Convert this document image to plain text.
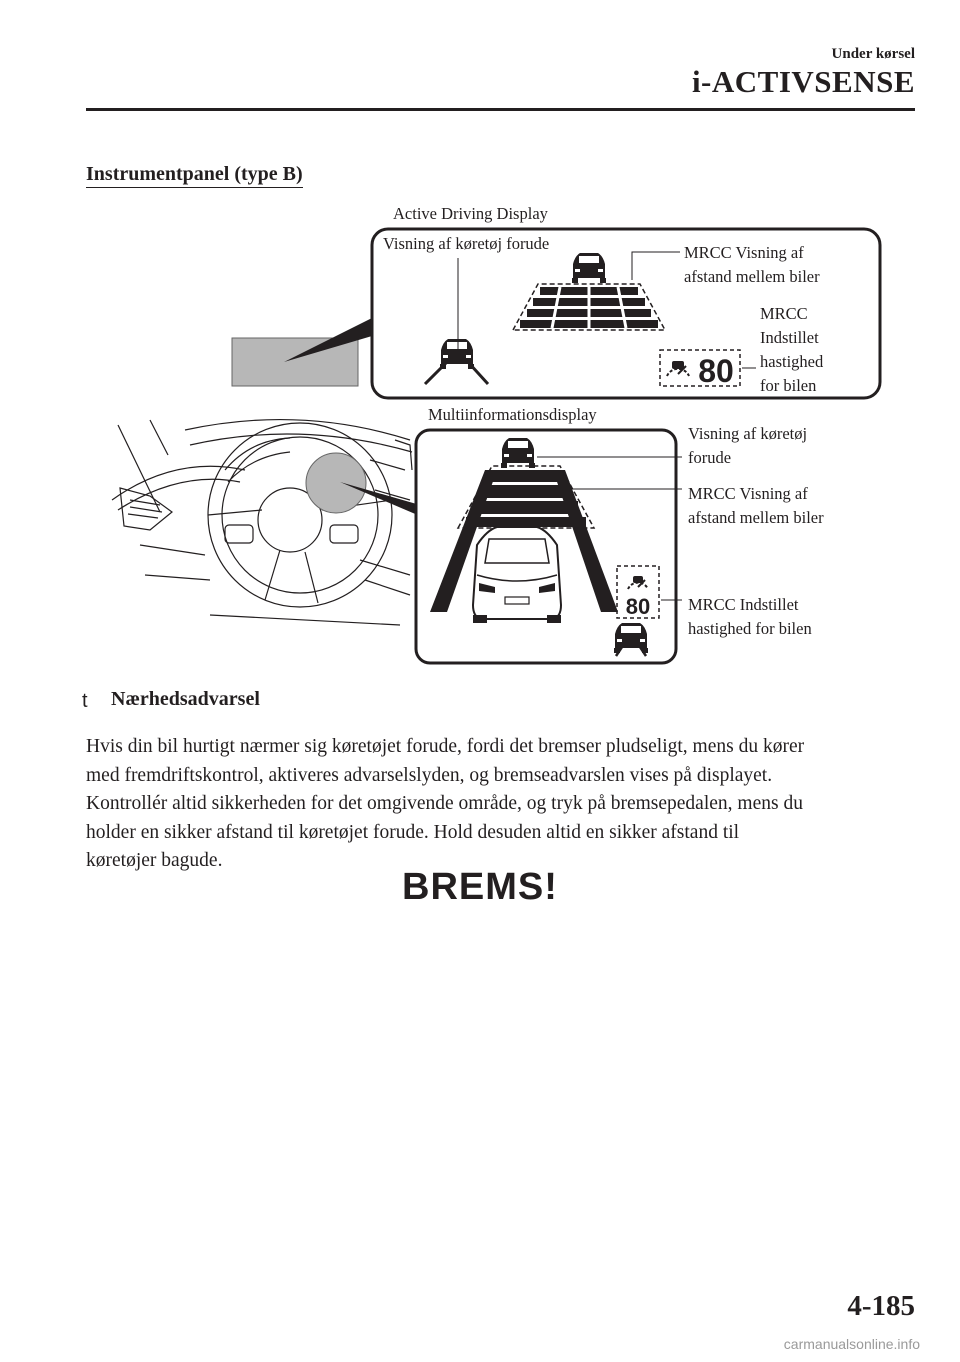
Under kørsel
i-ACTIVSENSE
Instrumentpanel (type B)
80
80
Active Driving Display
Visning af køretøj forude	MRCC Visning af
afstand mellem biler
MRCC
Indstillet
hastighed
for bilen
Multiinformationsdisplay
Visning af køretøj
forude
MRCC Visning af
afstand mellem biler
MRCC Indstillet
hastighed for bilen
t Nærhedsadvarsel

Hvis din bil hurtigt nærmer sig køretøjet forude, fordi det bremser pludseligt, mens du kører

med fremdriftskontrol, aktiveres advarselslyden, og bremseadvarslen vises på displayet.

Kontrollér altid sikkerheden for det omgivende område, og tryk på bremsepedalen, mens du

holder en sikker afstand til køretøjet forude. Hold desuden altid en sikker afstand til

køretøjer bagude.

BREMS!
4-185
carmanualsonline.info
